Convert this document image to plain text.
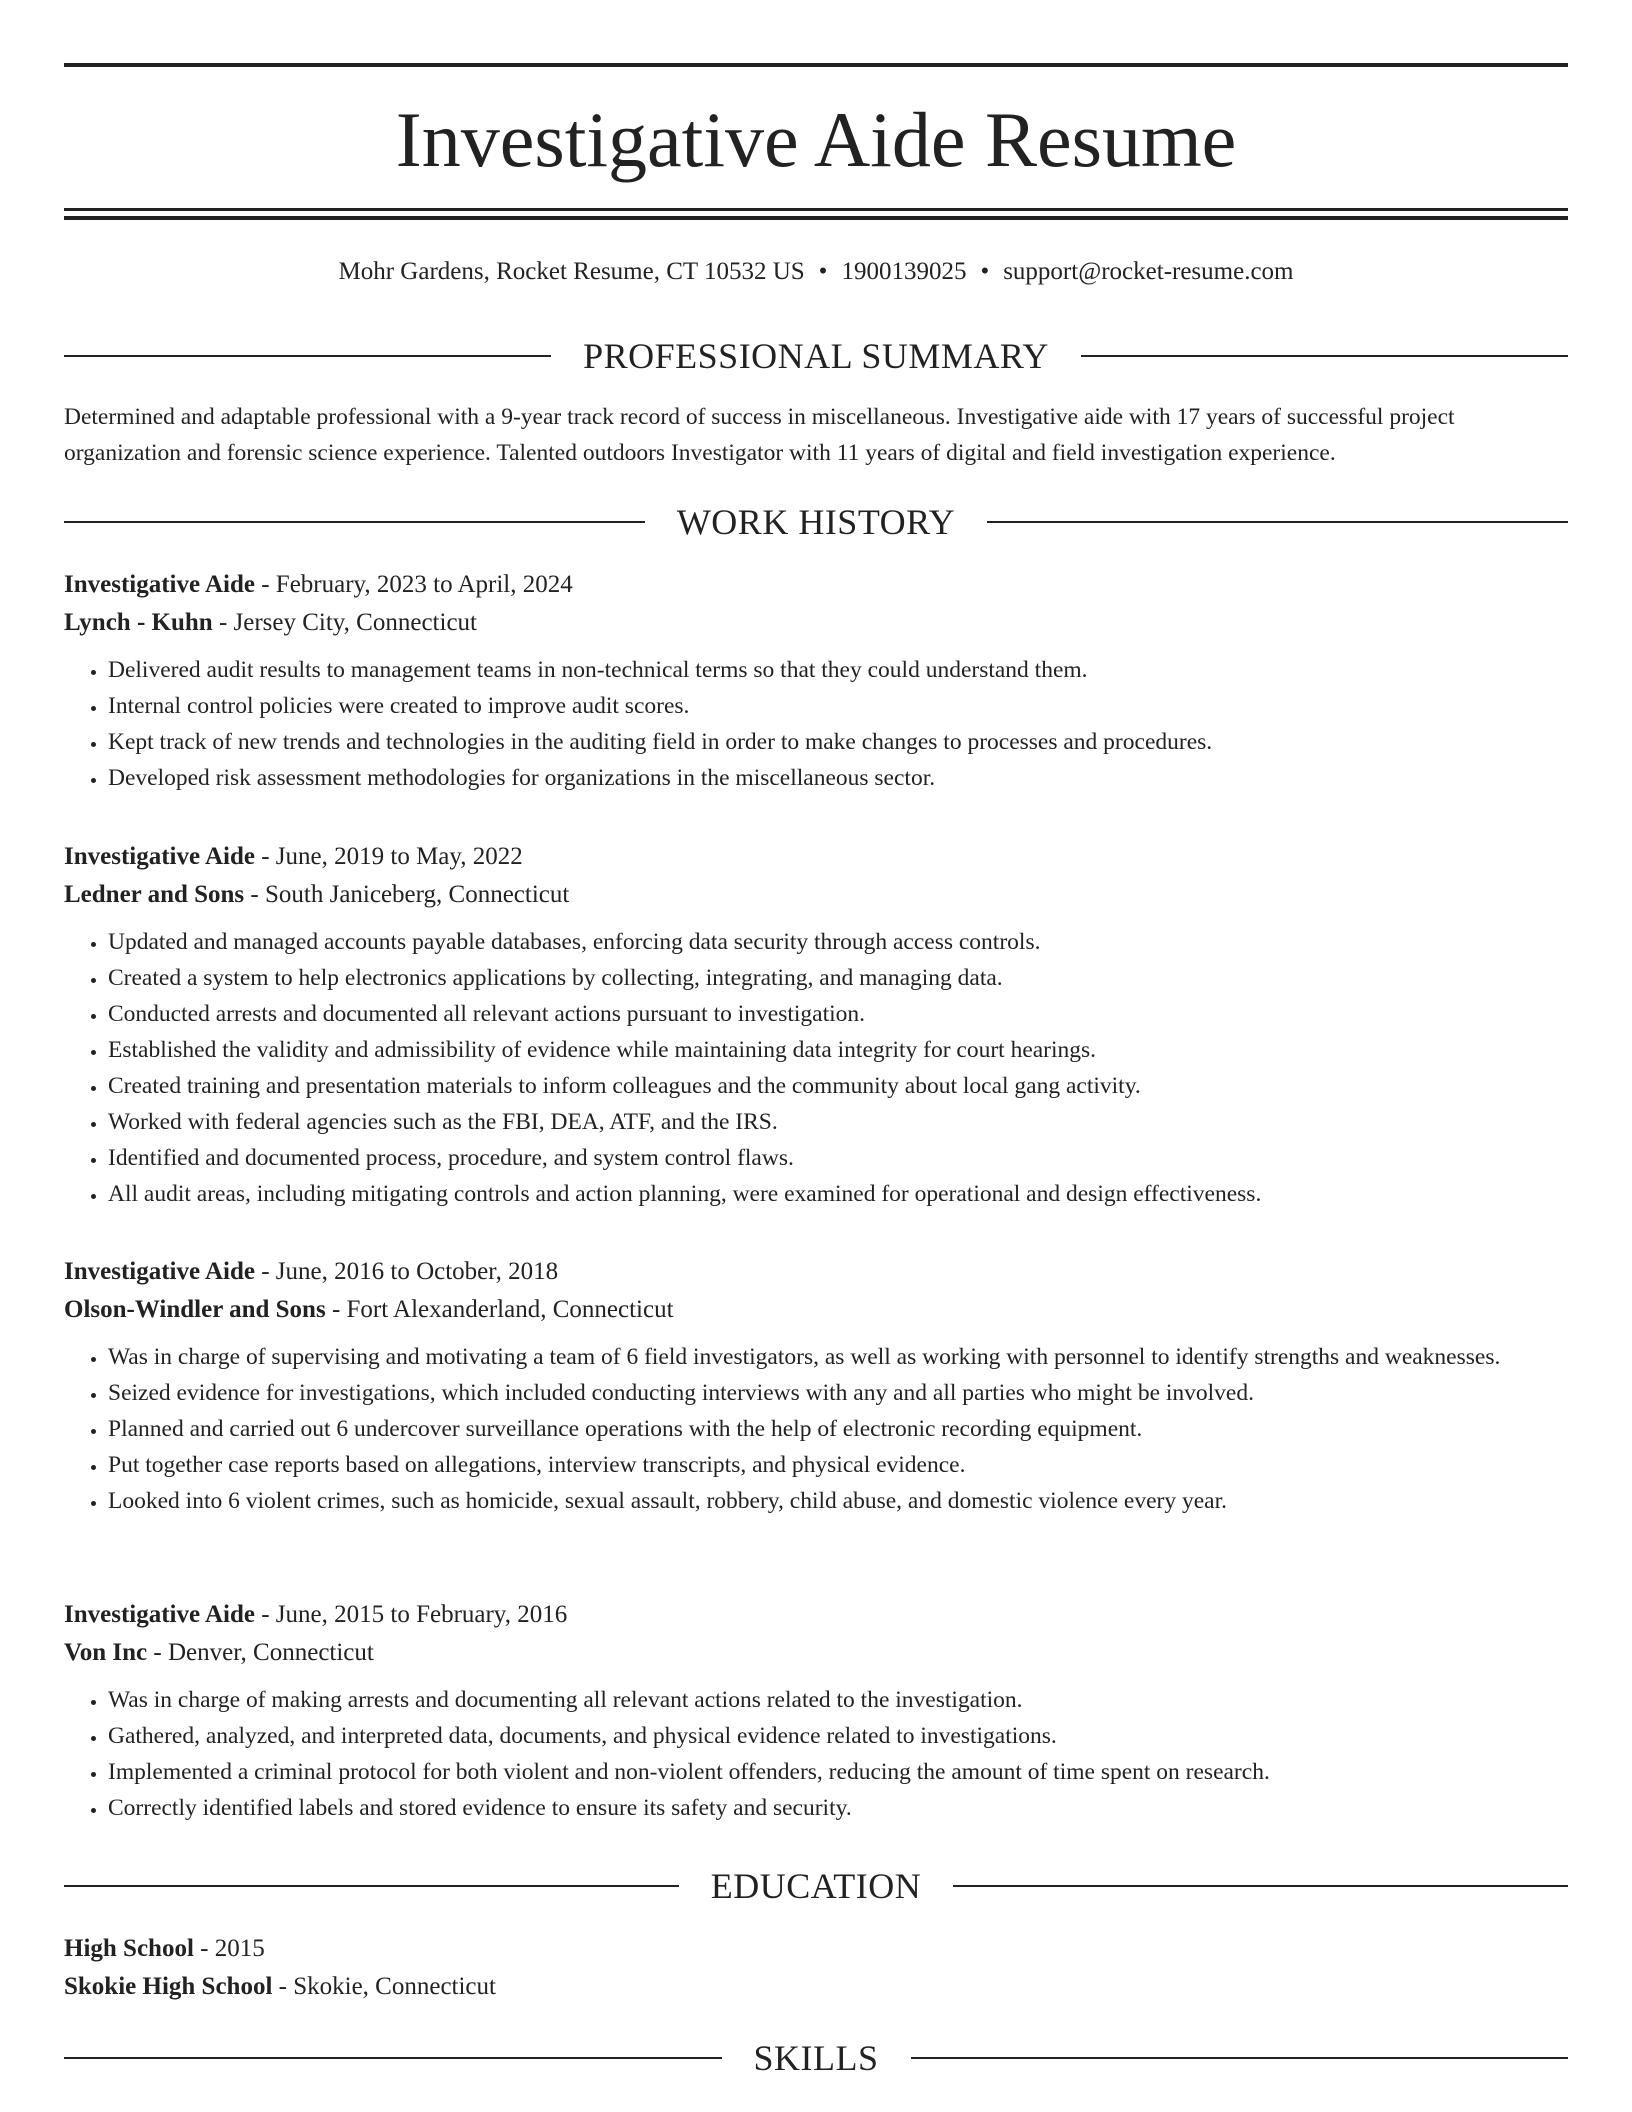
Investigative Aide Resume
Mohr Gardens, Rocket Resume, CT 10532 US • 1900139025 • support@rocket-resume.com
PROFESSIONAL SUMMARY

Determined and adaptable professional with a 9-year track record of success in miscellaneous. Investigative aide with 17 years of successful project organization and forensic science experience. Talented outdoors Investigator with 11 years of digital and field investigation experience.

WORK HISTORY

Investigative Aide - February, 2023 to April, 2024

Lynch - Kuhn - Jersey City, Connecticut

• Delivered audit results to management teams in non-technical terms so that they could understand them.
• Internal control policies were created to improve audit scores.
• Kept track of new trends and technologies in the auditing field in order to make changes to processes and procedures.
• Developed risk assessment methodologies for organizations in the miscellaneous sector.

Investigative Aide - June, 2019 to May, 2022

Ledner and Sons - South Janiceberg, Connecticut

• Updated and managed accounts payable databases, enforcing data security through access controls.
• Created a system to help electronics applications by collecting, integrating, and managing data.
• Conducted arrests and documented all relevant actions pursuant to investigation.
• Established the validity and admissibility of evidence while maintaining data integrity for court hearings.
• Created training and presentation materials to inform colleagues and the community about local gang activity.
• Worked with federal agencies such as the FBI, DEA, ATF, and the IRS.
• Identified and documented process, procedure, and system control flaws.
• All audit areas, including mitigating controls and action planning, were examined for operational and design effectiveness.

Investigative Aide - June, 2016 to October, 2018

Olson-Windler and Sons - Fort Alexanderland, Connecticut

• Was in charge of supervising and motivating a team of 6 field investigators, as well as working with personnel to identify strengths and weaknesses.
• Seized evidence for investigations, which included conducting interviews with any and all parties who might be involved.
• Planned and carried out 6 undercover surveillance operations with the help of electronic recording equipment.
• Put together case reports based on allegations, interview transcripts, and physical evidence.
• Looked into 6 violent crimes, such as homicide, sexual assault, robbery, child abuse, and domestic violence every year.

Investigative Aide - June, 2015 to February, 2016

Von Inc - Denver, Connecticut

• Was in charge of making arrests and documenting all relevant actions related to the investigation.
• Gathered, analyzed, and interpreted data, documents, and physical evidence related to investigations.
• Implemented a criminal protocol for both violent and non-violent offenders, reducing the amount of time spent on research.
• Correctly identified labels and stored evidence to ensure its safety and security.
EDUCATION

High School - 2015

Skokie High School - Skokie, Connecticut

SKILLS
